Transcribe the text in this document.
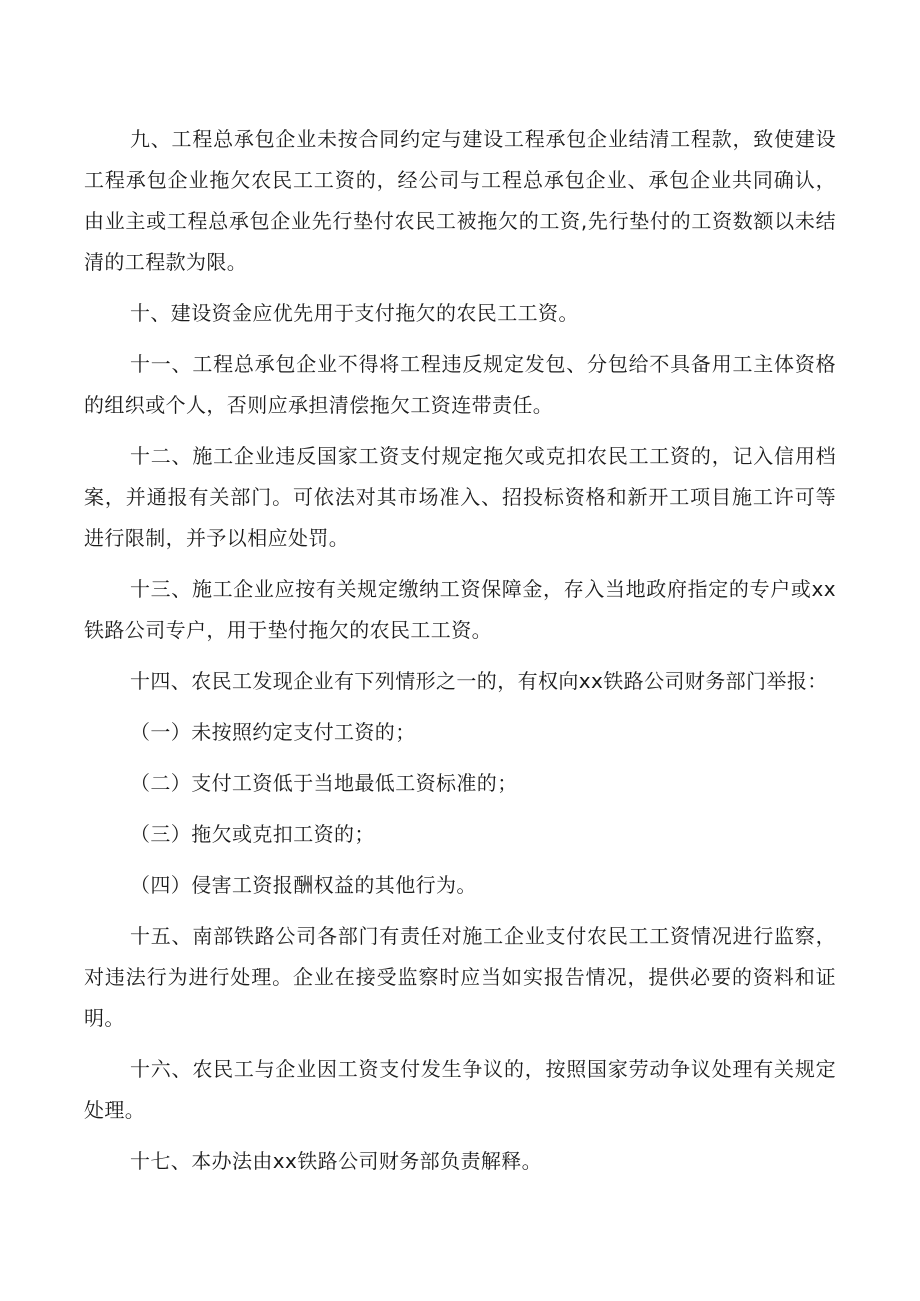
九、工程总承包企业未按合同约定与建设工程承包企业结清工程款，致使建设工程承包企业拖欠农民工工资的，经公司与工程总承包企业、承包企业共同确认，由业主或工程总承包企业先行垫付农民工被拖欠的工资,先行垫付的工资数额以未结清的工程款为限。

十、建设资金应优先用于支付拖欠的农民工工资。

十一、工程总承包企业不得将工程违反规定发包、分包给不具备用工主体资格的组织或个人，否则应承担清偿拖欠工资连带责任。

十二、施工企业违反国家工资支付规定拖欠或克扣农民工工资的，记入信用档案，并通报有关部门。可依法对其市场准入、招投标资格和新开工项目施工许可等进行限制，并予以相应处罚。

十三、施工企业应按有关规定缴纳工资保障金，存入当地政府指定的专户或xx铁路公司专户，用于垫付拖欠的农民工工资。

十四、农民工发现企业有下列情形之一的，有权向xx铁路公司财务部门举报：

（一）未按照约定支付工资的；

（二）支付工资低于当地最低工资标准的；

（三）拖欠或克扣工资的；

（四）侵害工资报酬权益的其他行为。

十五、南部铁路公司各部门有责任对施工企业支付农民工工资情况进行监察，对违法行为进行处理。企业在接受监察时应当如实报告情况，提供必要的资料和证明。

十六、农民工与企业因工资支付发生争议的，按照国家劳动争议处理有关规定处理。

十七、本办法由xx铁路公司财务部负责解释。
